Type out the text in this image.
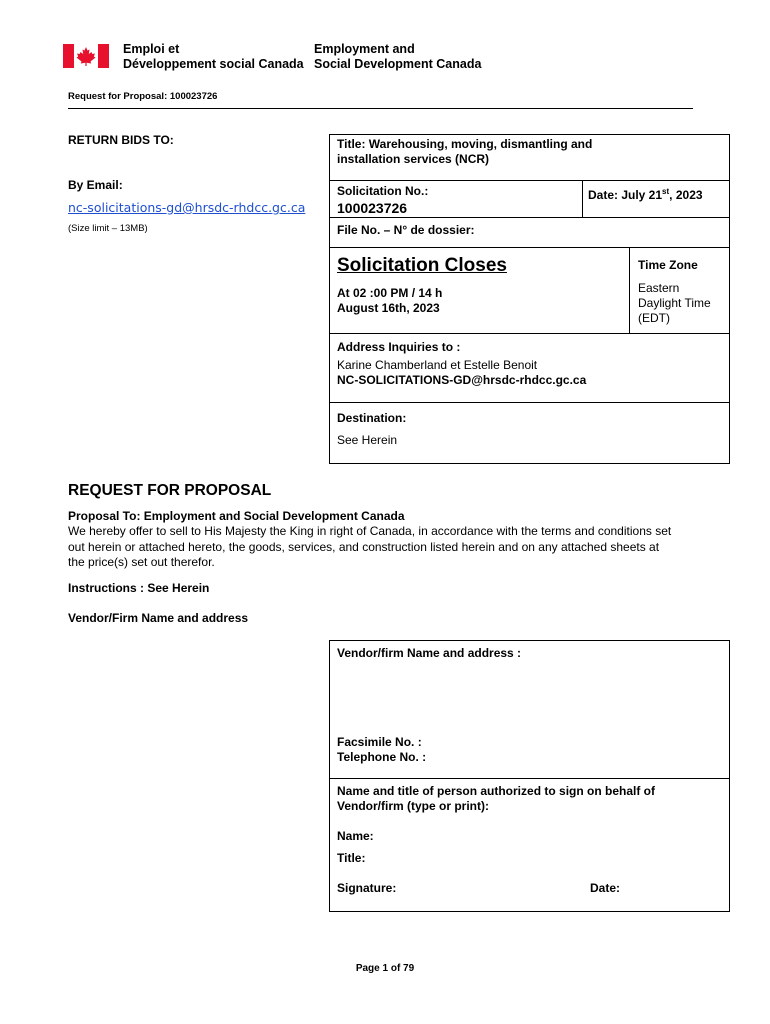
Emploi et
Développement social Canada
Employment and
Social Development Canada
Request for Proposal: 100023726
RETURN BIDS TO:
By Email:
nc-solicitations-gd@hrsdc-rhdcc.gc.ca
(Size limit – 13MB)
Title: Warehousing, moving, dismantling and
installation services (NCR)
Solicitation No.:
100023726
Date: July 21st, 2023
File No. – N° de dossier:
Solicitation Closes
At 02 :00 PM / 14 h
August 16th, 2023
Time Zone
Eastern
Daylight Time
(EDT)
Address Inquiries to :
Karine Chamberland et Estelle Benoit
NC-SOLICITATIONS-GD@hrsdc-rhdcc.gc.ca
Destination:
See Herein
REQUEST FOR PROPOSAL
Proposal To: Employment and Social Development Canada
We hereby offer to sell to His Majesty the King in right of Canada, in accordance with the terms and conditions set
out herein or attached hereto, the goods, services, and construction listed herein and on any attached sheets at
the price(s) set out therefor.
Instructions : See Herein
Vendor/Firm Name and address
Vendor/firm Name and address :
Facsimile No. :
Telephone No. :
Name and title of person authorized to sign on behalf of
Vendor/firm (type or print):
Name:
Title:
Signature:	Date:
Page 1 of 79
